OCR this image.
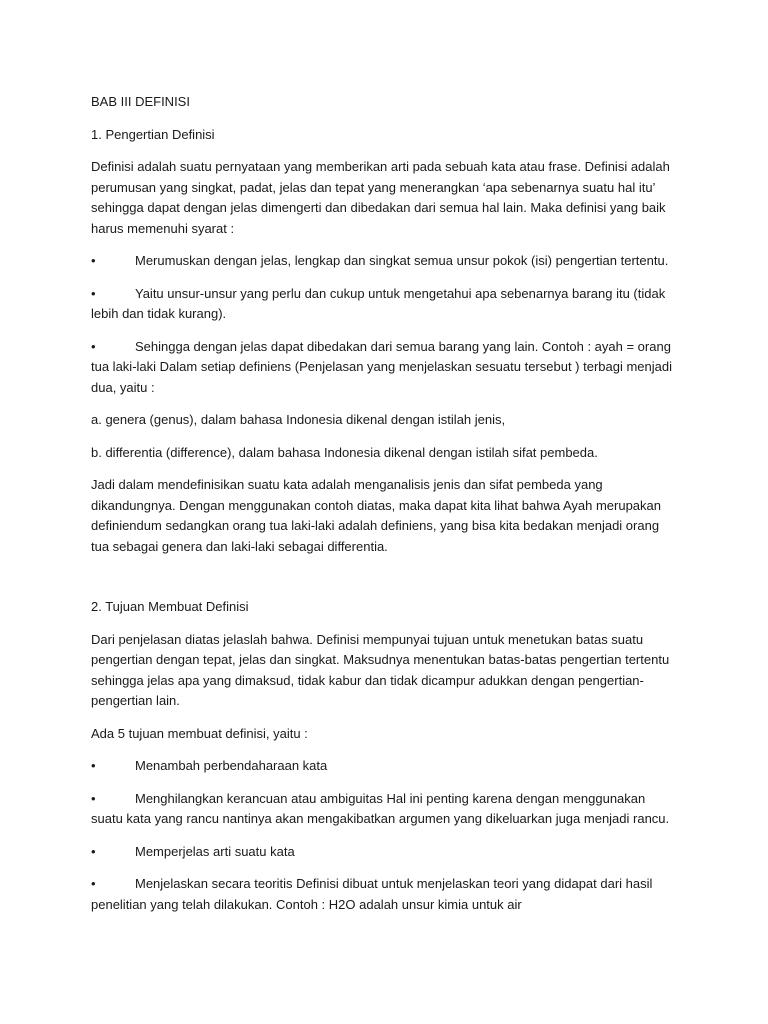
BAB III DEFINISI

1. Pengertian Definisi

Definisi adalah suatu pernyataan yang memberikan arti pada sebuah kata atau frase. Definisi adalah perumusan yang singkat, padat, jelas dan tepat yang menerangkan ‘apa sebenarnya suatu hal itu’ sehingga dapat dengan jelas dimengerti dan dibedakan dari semua hal lain. Maka definisi yang baik harus memenuhi syarat :

•	Merumuskan dengan jelas, lengkap dan singkat semua unsur pokok (isi) pengertian tertentu.

•	Yaitu unsur-unsur yang perlu dan cukup untuk mengetahui apa sebenarnya barang itu (tidak lebih dan tidak kurang).

•	Sehingga dengan jelas dapat dibedakan dari semua barang yang lain. Contoh : ayah = orang tua laki-laki Dalam setiap definiens (Penjelasan yang menjelaskan sesuatu tersebut ) terbagi menjadi dua, yaitu :

a. genera (genus), dalam bahasa Indonesia dikenal dengan istilah jenis,

b. differentia (difference), dalam bahasa Indonesia dikenal dengan istilah sifat pembeda.

Jadi dalam mendefinisikan suatu kata adalah menganalisis jenis dan sifat pembeda yang dikandungnya. Dengan menggunakan contoh diatas, maka dapat kita lihat bahwa Ayah merupakan definiendum sedangkan orang tua laki-laki adalah definiens, yang bisa kita bedakan menjadi orang tua sebagai genera dan laki-laki sebagai differentia.

2. Tujuan Membuat Definisi

Dari penjelasan diatas jelaslah bahwa. Definisi mempunyai tujuan untuk menetukan batas suatu pengertian dengan tepat, jelas dan singkat. Maksudnya menentukan batas-batas pengertian tertentu sehingga jelas apa yang dimaksud, tidak kabur dan tidak dicampur adukkan dengan pengertian-pengertian lain.

Ada 5 tujuan membuat definisi, yaitu :

•	Menambah perbendaharaan kata

•	Menghilangkan kerancuan atau ambiguitas Hal ini penting karena dengan menggunakan suatu kata yang rancu nantinya akan mengakibatkan argumen yang dikeluarkan juga menjadi rancu.

•	Memperjelas arti suatu kata

•	Menjelaskan secara teoritis Definisi dibuat untuk menjelaskan teori yang didapat dari hasil penelitian yang telah dilakukan. Contoh : H2O adalah unsur kimia untuk air
